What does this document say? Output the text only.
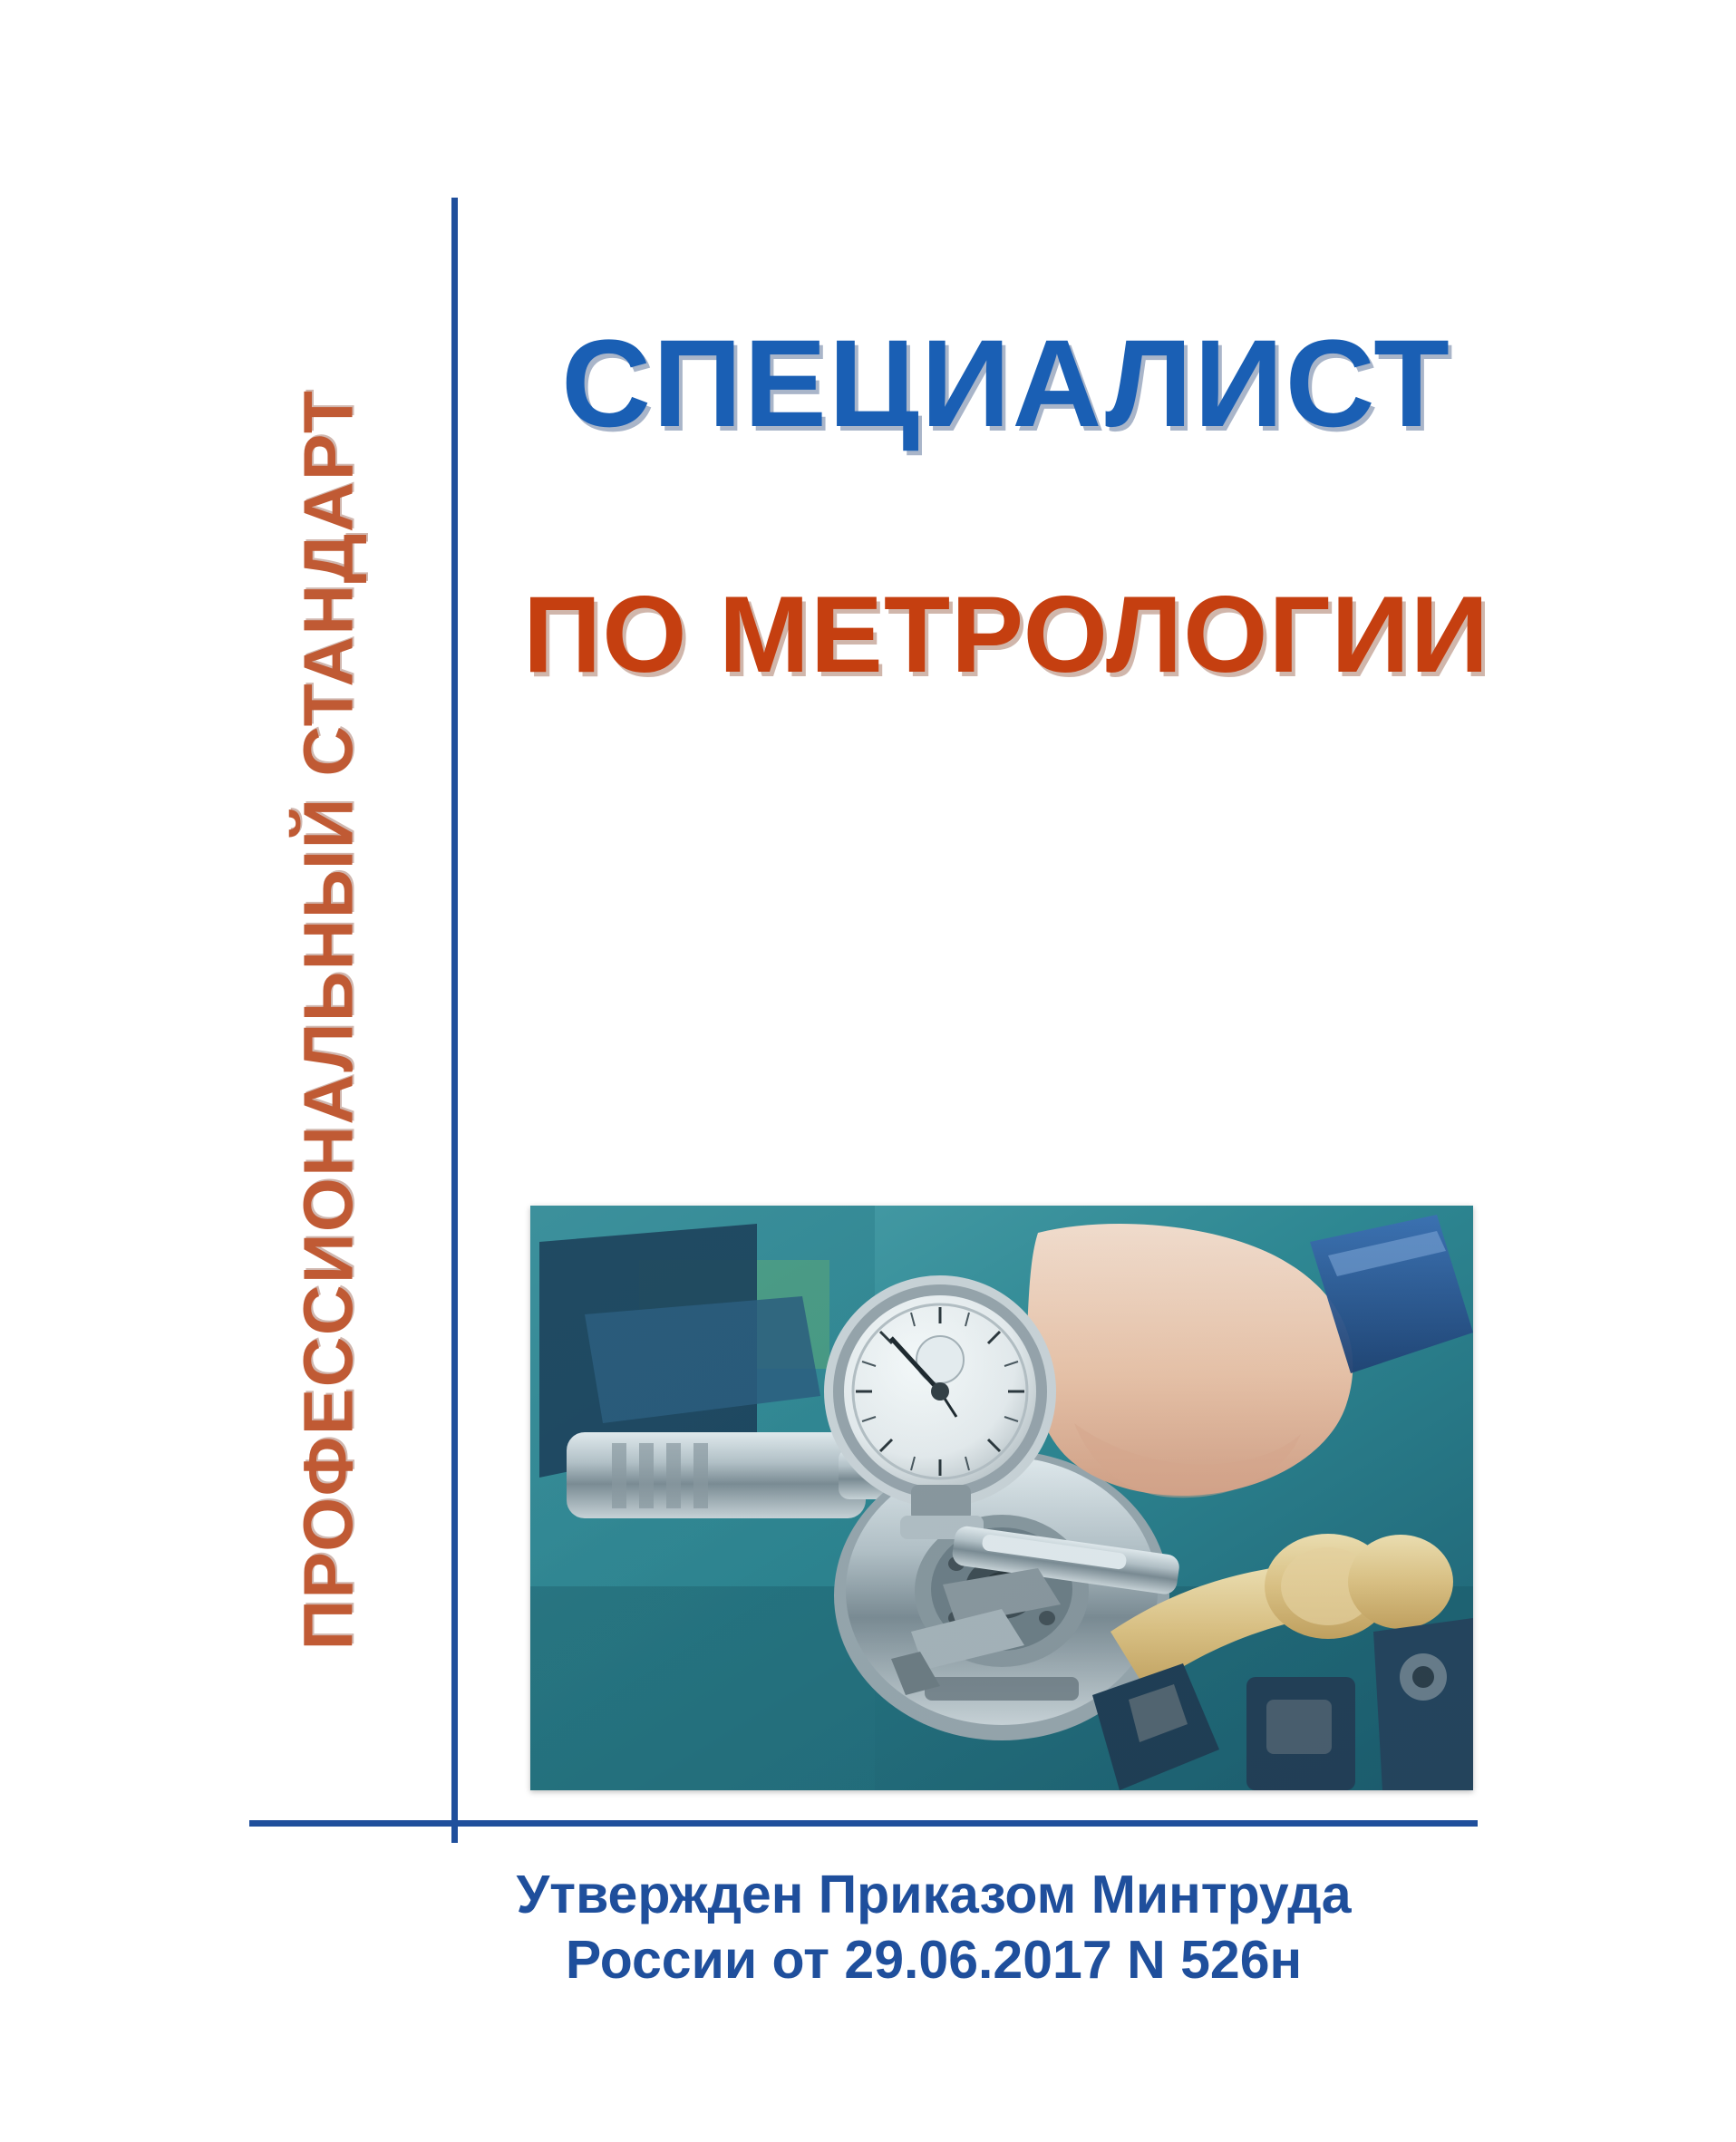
ПРОФЕССИОНАЛЬНЫЙ СТАНДАРТ
СПЕЦИАЛИСТ
ПО МЕТРОЛОГИИ
Утвержден Приказом Минтруда
России от 29.06.2017 N 526н
